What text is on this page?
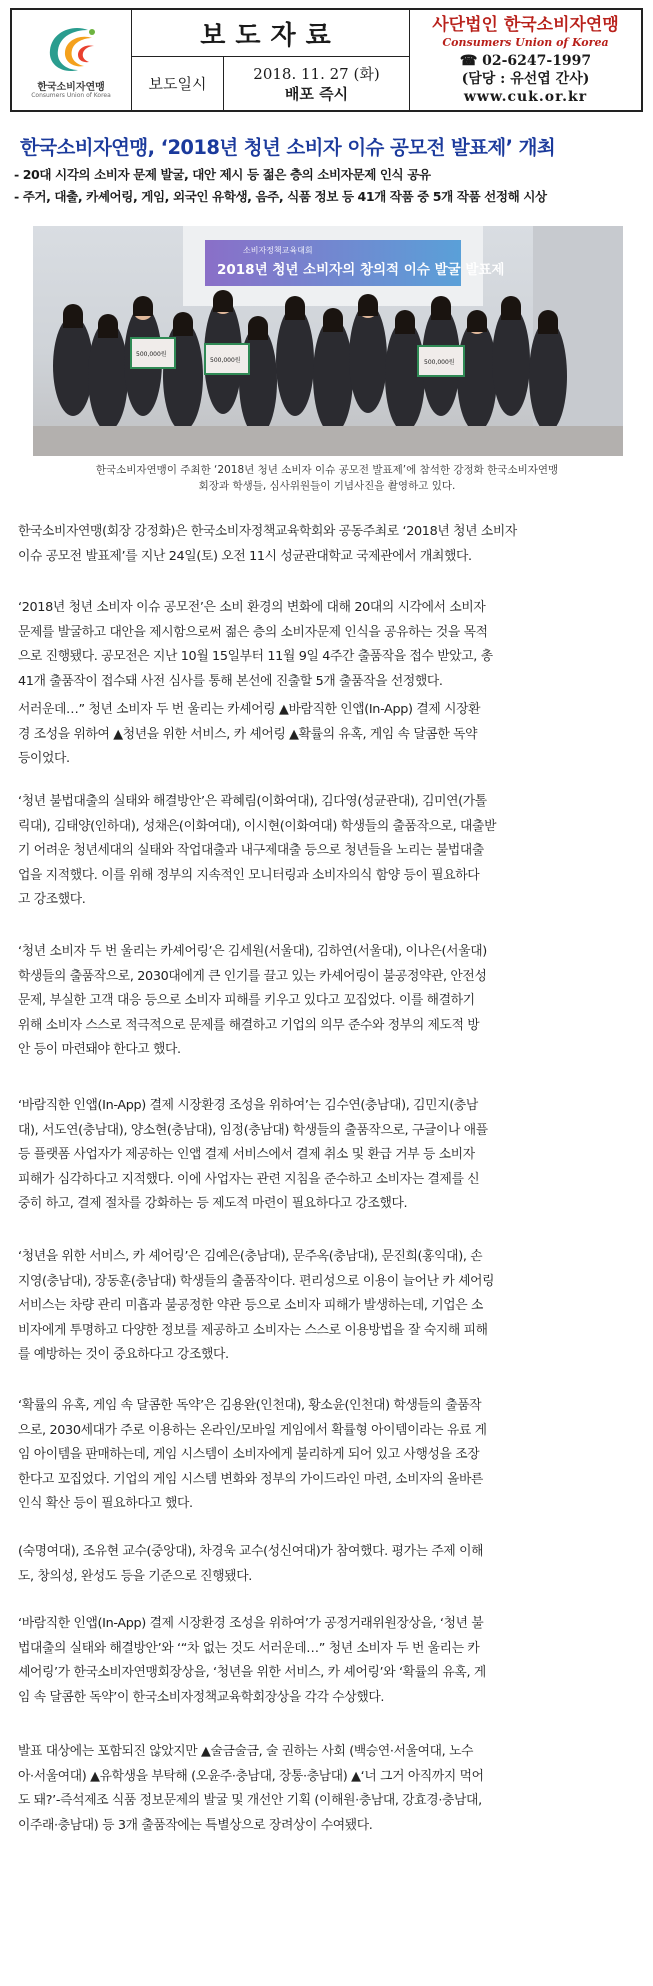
한국소비자연맹
Consumers Union of Korea
보도자료
보도일시
2018. 11. 27 (화)
배포 즉시
사단법인 한국소비자연맹
Consumers Union of Korea
☎ 02-6247-1997
(담당 : 유선엽 간사)
www.cuk.or.kr
한국소비자연맹, ‘2018년 청년 소비자 이슈 공모전 발표제’ 개최
- 20대 시각의 소비자 문제 발굴, 대안 제시 등 젊은 층의 소비자문제 인식 공유
- 주거, 대출, 카셰어링, 게임, 외국인 유학생, 음주, 식품 정보 등 41개 작품 중 5개 작품 선정해 시상
소비자정책교육대회
2018년 청년 소비자의 창의적 이슈 발굴 발표제
500,000원
500,000원	500,000원
한국소비자연맹이 주최한 ‘2018년 청년 소비자 이슈 공모전 발표제’에 참석한 강정화 한국소비자연맹
회장과 학생들, 심사위원들이 기념사진을 촬영하고 있다.
한국소비자연맹(회장 강정화)은 한국소비자정책교육학회와 공동주최로 ‘2018년 청년 소비자
이슈 공모전 발표제’를 지난 24일(토) 오전 11시 성균관대학교 국제관에서 개최했다.
‘2018년 청년 소비자 이슈 공모전’은 소비 환경의 변화에 대해 20대의 시각에서 소비자
문제를 발굴하고 대안을 제시함으로써 젊은 층의 소비자문제 인식을 공유하는 것을 목적
으로 진행됐다. 공모전은 지난 10월 15일부터 11월 9일 4주간 출품작을 접수 받았고, 총
41개 출품작이 접수돼 사전 심사를 통해 본선에 진출할 5개 출품작을 선정했다.
서러운데…” 청년 소비자 두 번 울리는 카셰어링 ▲바람직한 인앱(In-App) 결제 시장환
경 조성을 위하여 ▲청년을 위한 서비스, 카 셰어링 ▲확률의 유혹, 게임 속 달콤한 독약
등이었다.
‘청년 불법대출의 실태와 해결방안’은 곽혜림(이화여대), 김다영(성균관대), 김미연(가톨
릭대), 김태양(인하대), 성채은(이화여대), 이시현(이화여대) 학생들의 출품작으로, 대출받
기 어려운 청년세대의 실태와 작업대출과 내구제대출 등으로 청년들을 노리는 불법대출
업을 지적했다. 이를 위해 정부의 지속적인 모니터링과 소비자의식 함양 등이 필요하다
고 강조했다.
‘청년 소비자 두 번 울리는 카셰어링’은 김세원(서울대), 김하연(서울대), 이나은(서울대)
학생들의 출품작으로, 2030대에게 큰 인기를 끌고 있는 카셰어링이 불공정약관, 안전성
문제, 부실한 고객 대응 등으로 소비자 피해를 키우고 있다고 꼬집었다. 이를 해결하기
위해 소비자 스스로 적극적으로 문제를 해결하고 기업의 의무 준수와 정부의 제도적 방
안 등이 마련돼야 한다고 했다.
‘바람직한 인앱(In-App) 결제 시장환경 조성을 위하여’는 김수연(충남대), 김민지(충남
대), 서도연(충남대), 양소현(충남대), 임정(충남대) 학생들의 출품작으로, 구글이나 애플
등 플랫폼 사업자가 제공하는 인앱 결제 서비스에서 결제 취소 및 환급 거부 등 소비자
피해가 심각하다고 지적했다. 이에 사업자는 관련 지침을 준수하고 소비자는 결제를 신
중히 하고, 결제 절차를 강화하는 등 제도적 마련이 필요하다고 강조했다.
‘청년을 위한 서비스, 카 셰어링’은 김예은(충남대), 문주옥(충남대), 문진희(홍익대), 손
지영(충남대), 장동훈(충남대) 학생들의 출품작이다. 편리성으로 이용이 늘어난 카 셰어링
서비스는 차량 관리 미흡과 불공정한 약관 등으로 소비자 피해가 발생하는데, 기업은 소
비자에게 투명하고 다양한 정보를 제공하고 소비자는 스스로 이용방법을 잘 숙지해 피해
를 예방하는 것이 중요하다고 강조했다.
‘확률의 유혹, 게임 속 달콤한 독약’은 김용완(인천대), 황소윤(인천대) 학생들의 출품작
으로, 2030세대가 주로 이용하는 온라인/모바일 게임에서 확률형 아이템이라는 유료 게
임 아이템을 판매하는데, 게임 시스템이 소비자에게 불리하게 되어 있고 사행성을 조장
한다고 꼬집었다. 기업의 게임 시스템 변화와 정부의 가이드라인 마련, 소비자의 올바른
인식 확산 등이 필요하다고 했다.
(숙명여대), 조유현 교수(중앙대), 차경욱 교수(성신여대)가 참여했다. 평가는 주제 이해
도, 창의성, 완성도 등을 기준으로 진행됐다.
‘바람직한 인앱(In-App) 결제 시장환경 조성을 위하여’가 공정거래위원장상을, ‘청년 불
법대출의 실태와 해결방안’와 ‘“차 없는 것도 서러운데…” 청년 소비자 두 번 울리는 카
셰어링’가 한국소비자연맹회장상을, ‘청년을 위한 서비스, 카 셰어링’와 ‘확률의 유혹, 게
임 속 달콤한 독약’이 한국소비자정책교육학회장상을 각각 수상했다.
발표 대상에는 포함되진 않았지만 ▲술금술금, 술 권하는 사회 (백승연·서울여대, 노수
아·서울여대) ▲유학생을 부탁해 (오윤주·충남대, 장통·충남대) ▲‘너 그거 아직까지 먹어
도 돼?’-즉석제조 식품 정보문제의 발굴 및 개선안 기획 (이해원·충남대, 강효경·충남대,
이주래·충남대) 등 3개 출품작에는 특별상으로 장려상이 수여됐다.
